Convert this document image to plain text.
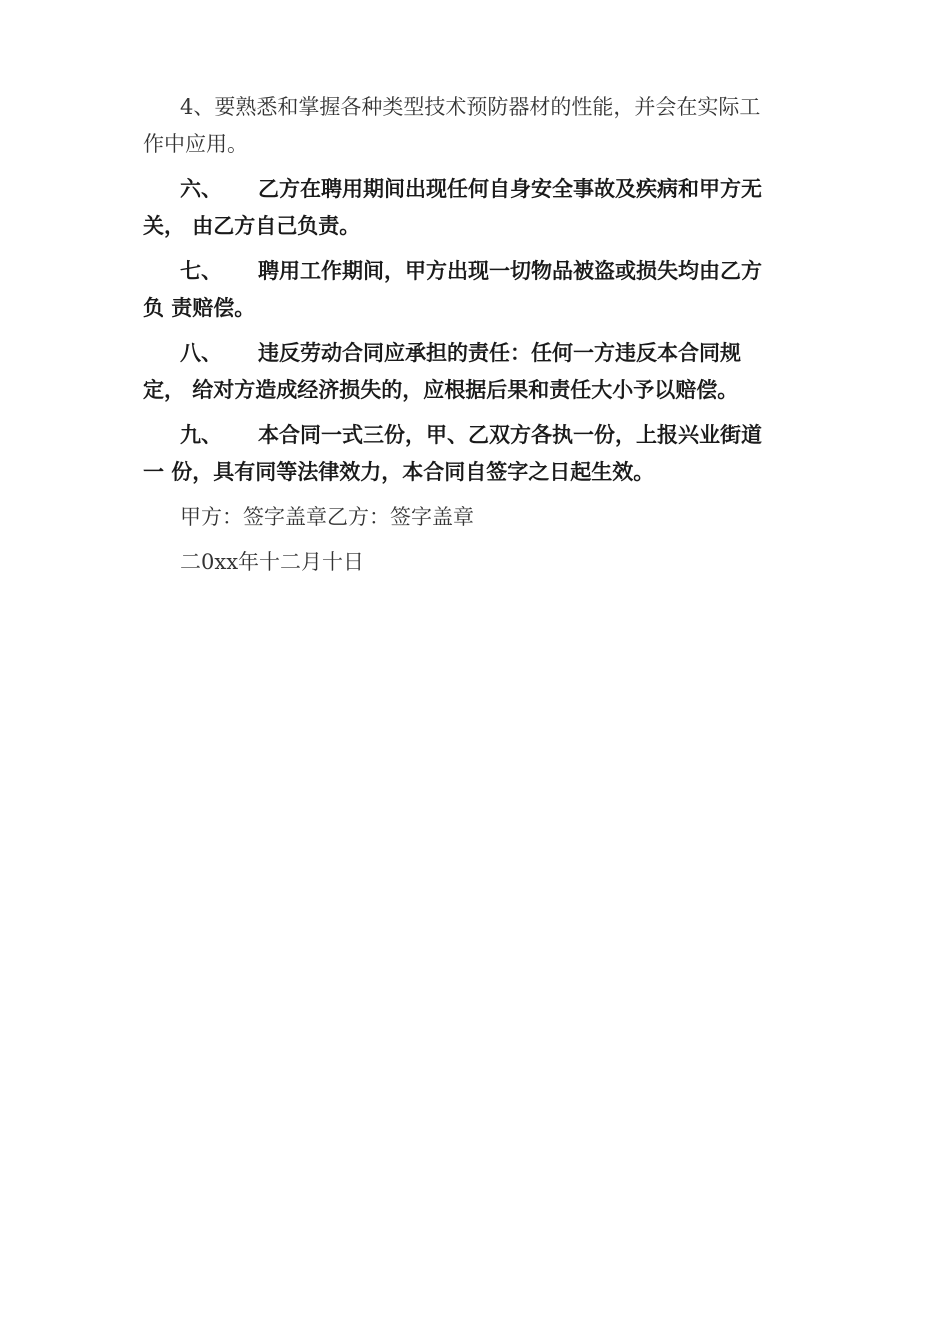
4、要熟悉和掌握各种类型技术预防器材的性能，并会在实际工
作中应用。
六、 乙方在聘用期间出现任何自身安全事故及疾病和甲方无
关， 由乙方自己负责。
七、 聘用工作期间，甲方出现一切物品被盗或损失均由乙方
负 责赔偿。
八、 违反劳动合同应承担的责任：任何一方违反本合同规
定， 给对方造成经济损失的，应根据后果和责任大小予以赔偿。
九、 本合同一式三份，甲、乙双方各执一份，上报兴业街道
一 份，具有同等法律效力，本合同自签字之日起生效。
甲方：签字盖章乙方：签字盖章
二0xx年十二月十日
